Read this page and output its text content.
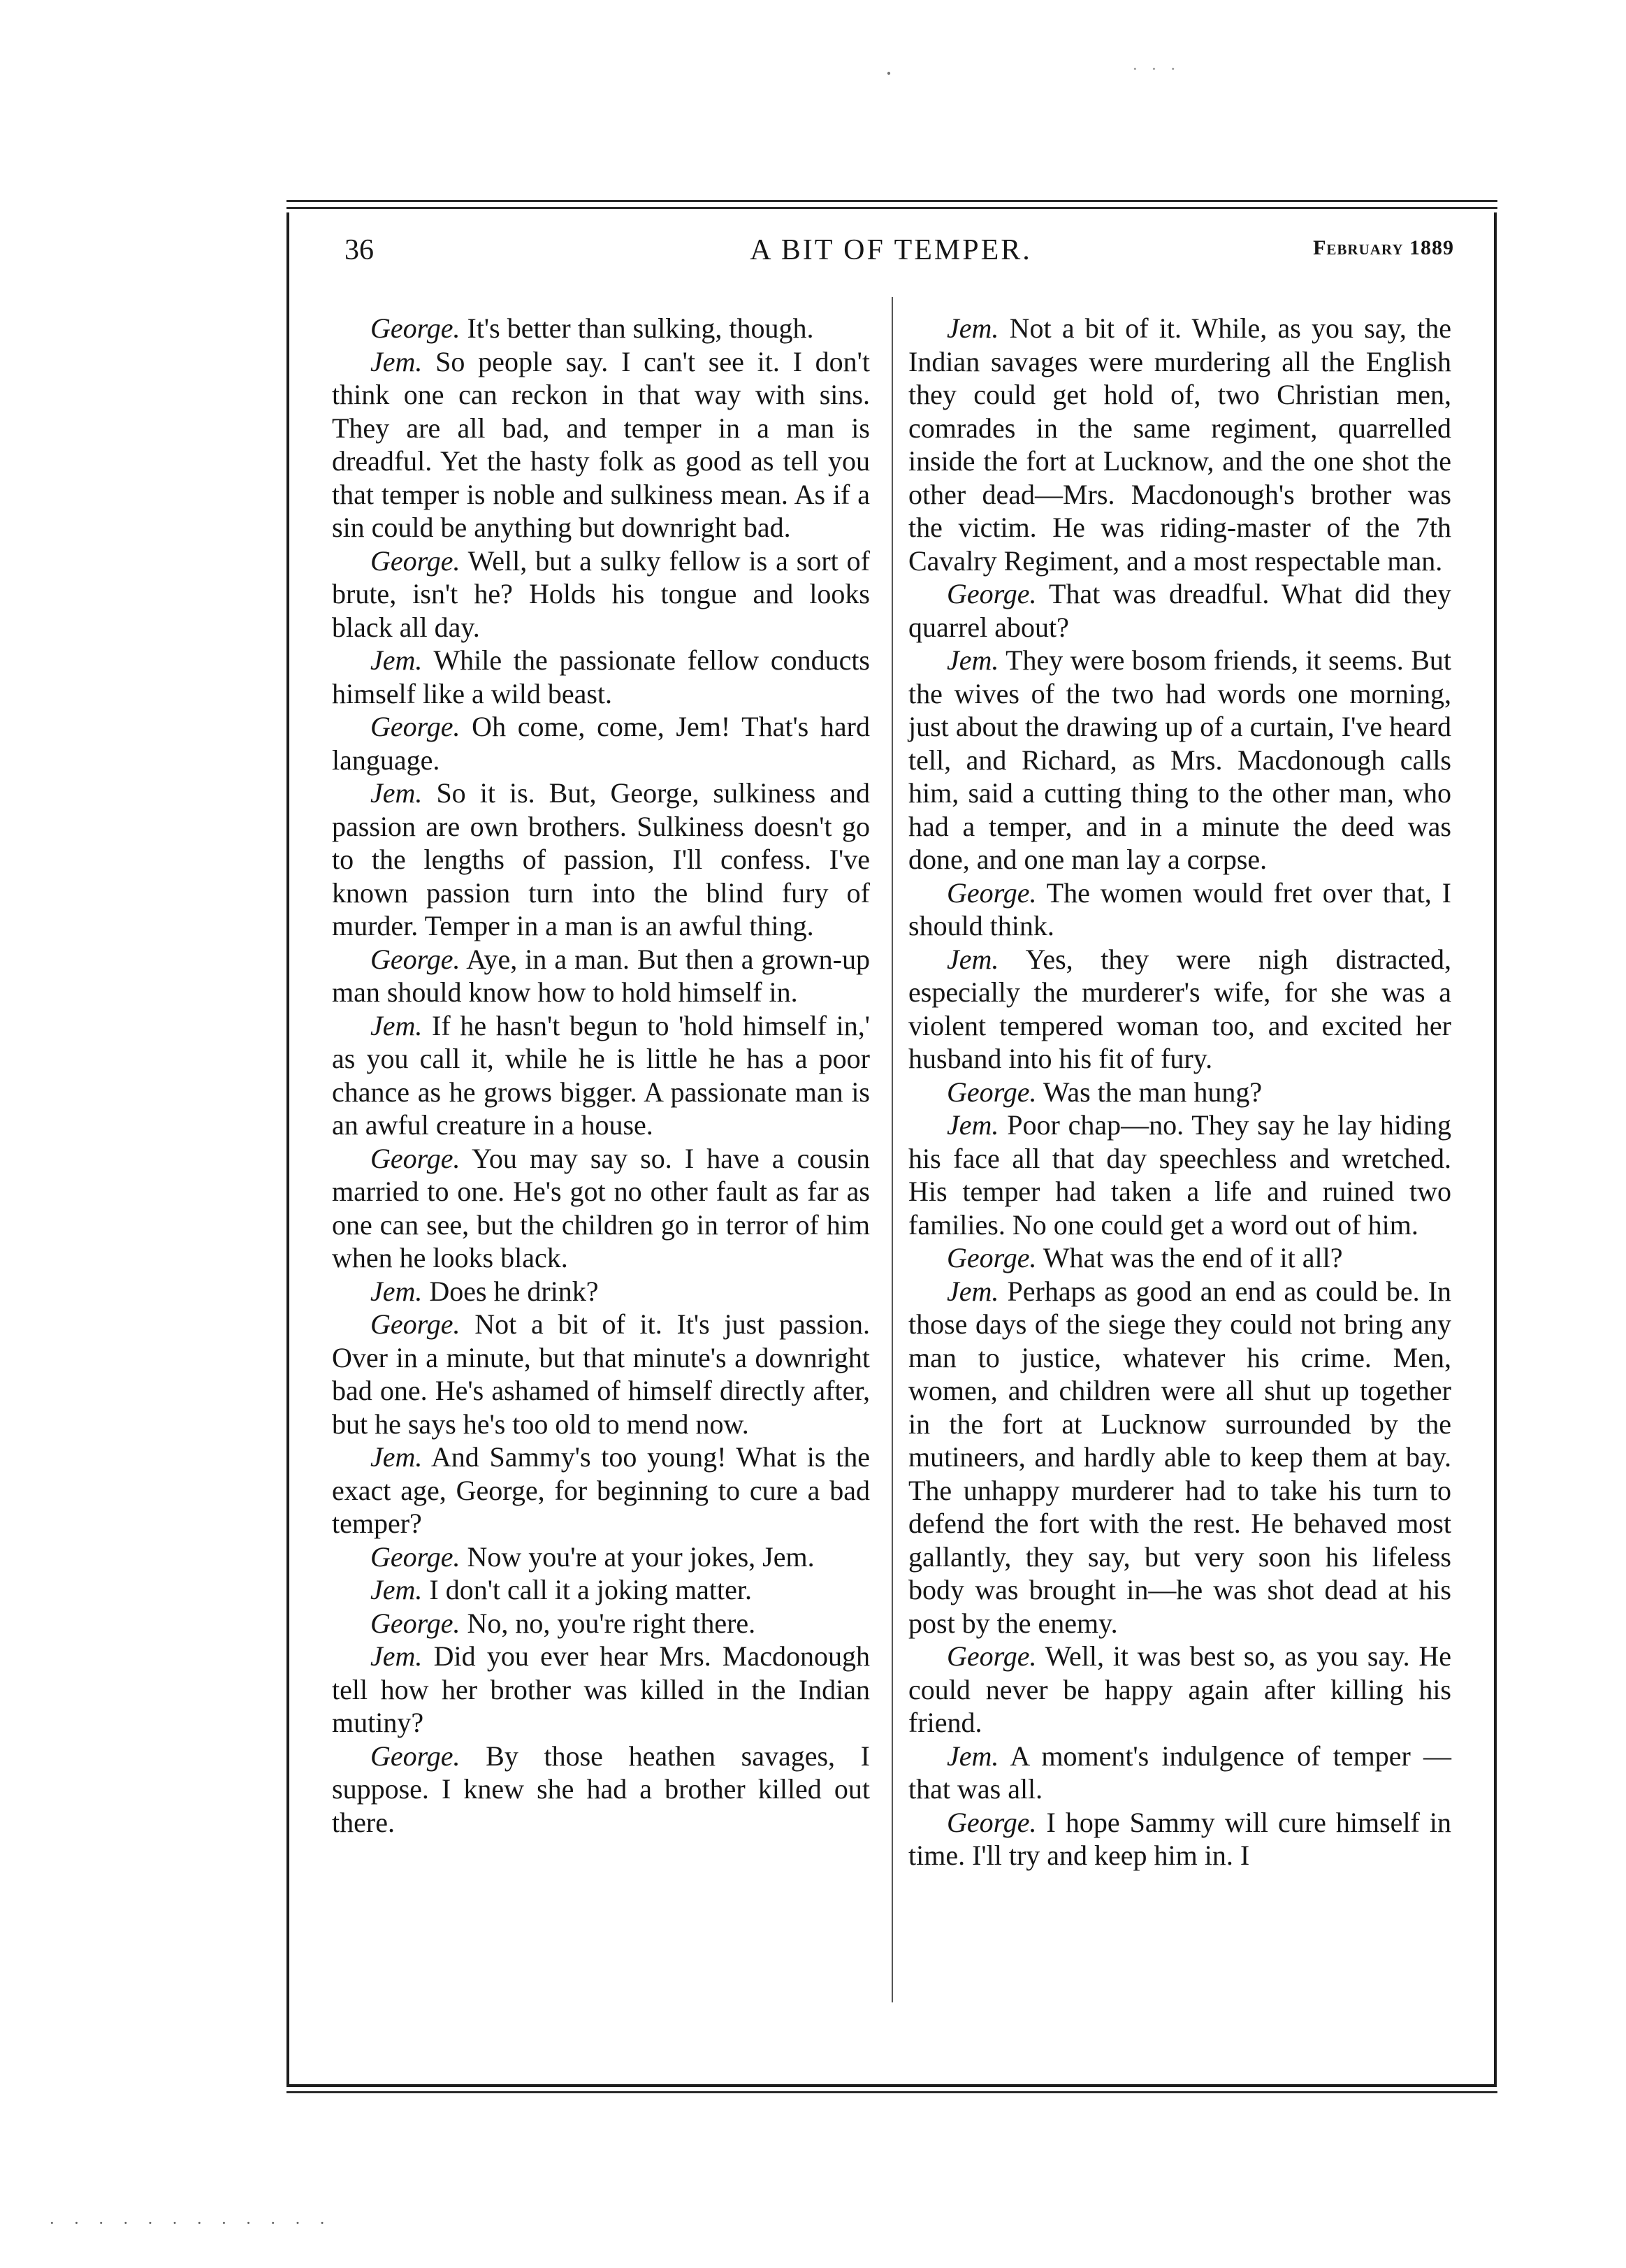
·	· · ·
36	A BIT OF TEMPER.	February 1889

George. It's better than sulking, though.

Jem. So people say. I can't see it. I don't think one can reckon in that way with sins. They are all bad, and temper in a man is dreadful. Yet the hasty folk as good as tell you that temper is noble and sulkiness mean. As if a sin could be anything but downright bad.

George. Well, but a sulky fellow is a sort of brute, isn't he? Holds his tongue and looks black all day.

Jem. While the passionate fellow conducts himself like a wild beast.

George. Oh come, come, Jem! That's hard language.

Jem. So it is. But, George, sulkiness and passion are own brothers. Sulkiness doesn't go to the lengths of passion, I'll confess. I've known passion turn into the blind fury of murder. Temper in a man is an awful thing.

George. Aye, in a man. But then a grown-up man should know how to hold himself in.

Jem. If he hasn't begun to 'hold himself in,' as you call it, while he is little he has a poor chance as he grows bigger. A passionate man is an awful creature in a house.

George. You may say so. I have a cousin married to one. He's got no other fault as far as one can see, but the children go in terror of him when he looks black.

Jem. Does he drink?

George. Not a bit of it. It's just passion. Over in a minute, but that minute's a downright bad one. He's ashamed of himself directly after, but he says he's too old to mend now.

Jem. And Sammy's too young! What is the exact age, George, for beginning to cure a bad temper?

George. Now you're at your jokes, Jem.

Jem. I don't call it a joking matter.

George. No, no, you're right there.

Jem. Did you ever hear Mrs. Macdonough tell how her brother was killed in the Indian mutiny?

George. By those heathen savages, I suppose. I knew she had a brother killed out there.

Jem. Not a bit of it. While, as you say, the Indian savages were murdering all the English they could get hold of, two Christian men, comrades in the same regiment, quarrelled inside the fort at Lucknow, and the one shot the other dead—Mrs. Macdonough's brother was the victim. He was riding-master of the 7th Cavalry Regiment, and a most respectable man.

George. That was dreadful. What did they quarrel about?

Jem. They were bosom friends, it seems. But the wives of the two had words one morning, just about the drawing up of a curtain, I've heard tell, and Richard, as Mrs. Macdonough calls him, said a cutting thing to the other man, who had a temper, and in a minute the deed was done, and one man lay a corpse.

George. The women would fret over that, I should think.

Jem. Yes, they were nigh distracted, especially the murderer's wife, for she was a violent tempered woman too, and excited her husband into his fit of fury.

George. Was the man hung?

Jem. Poor chap—no. They say he lay hiding his face all that day speechless and wretched. His temper had taken a life and ruined two families. No one could get a word out of him.

George. What was the end of it all?

Jem. Perhaps as good an end as could be. In those days of the siege they could not bring any man to justice, whatever his crime. Men, women, and children were all shut up together in the fort at Lucknow surrounded by the mutineers, and hardly able to keep them at bay. The unhappy murderer had to take his turn to defend the fort with the rest. He behaved most gallantly, they say, but very soon his lifeless body was brought in—he was shot dead at his post by the enemy.

George. Well, it was best so, as you say. He could never be happy again after killing his friend.

Jem. A moment's indulgence of temper —that was all.

George. I hope Sammy will cure himself in time. I'll try and keep him in. I

· · · · · · · · · · · ·
